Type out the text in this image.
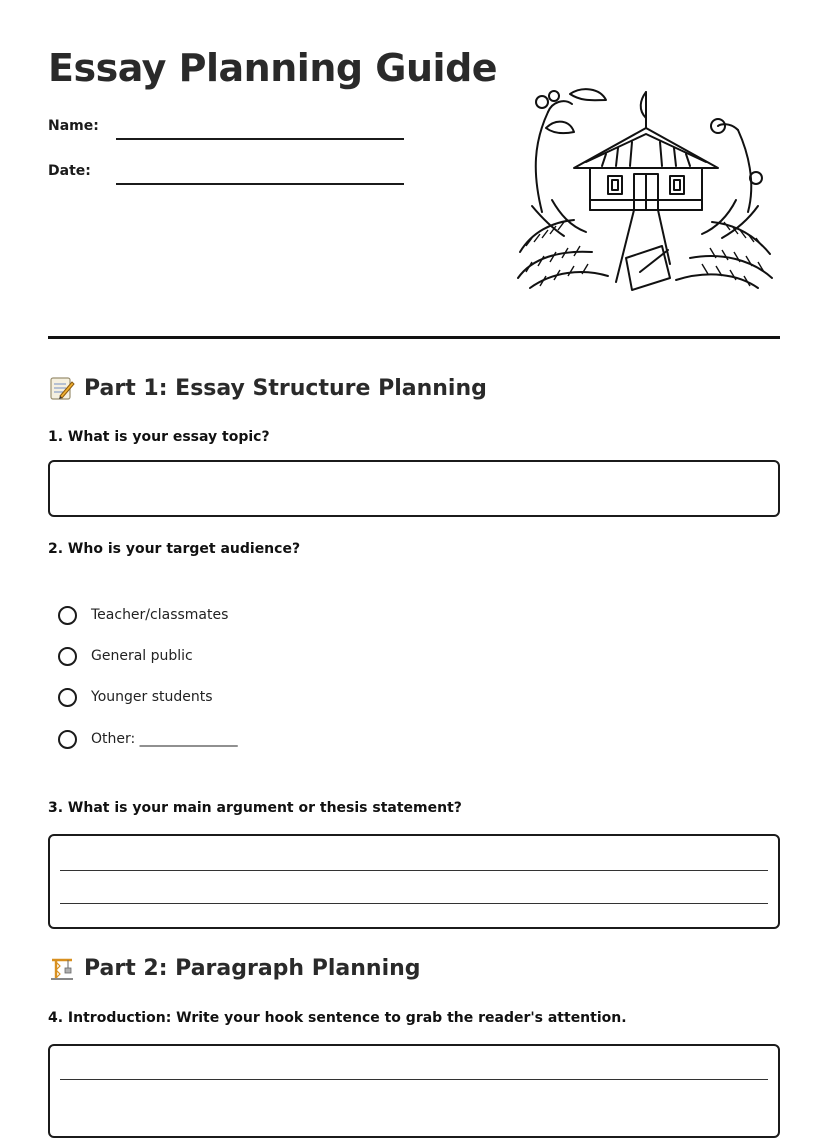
Essay Planning Guide
Name:
Date:
Part 1: Essay Structure Planning
1. What is your essay topic?
2. Who is your target audience?
Teacher/classmates
General public
Younger students
Other: ______________
3. What is your main argument or thesis statement?
Part 2: Paragraph Planning
4. Introduction: Write your hook sentence to grab the reader's attention.
